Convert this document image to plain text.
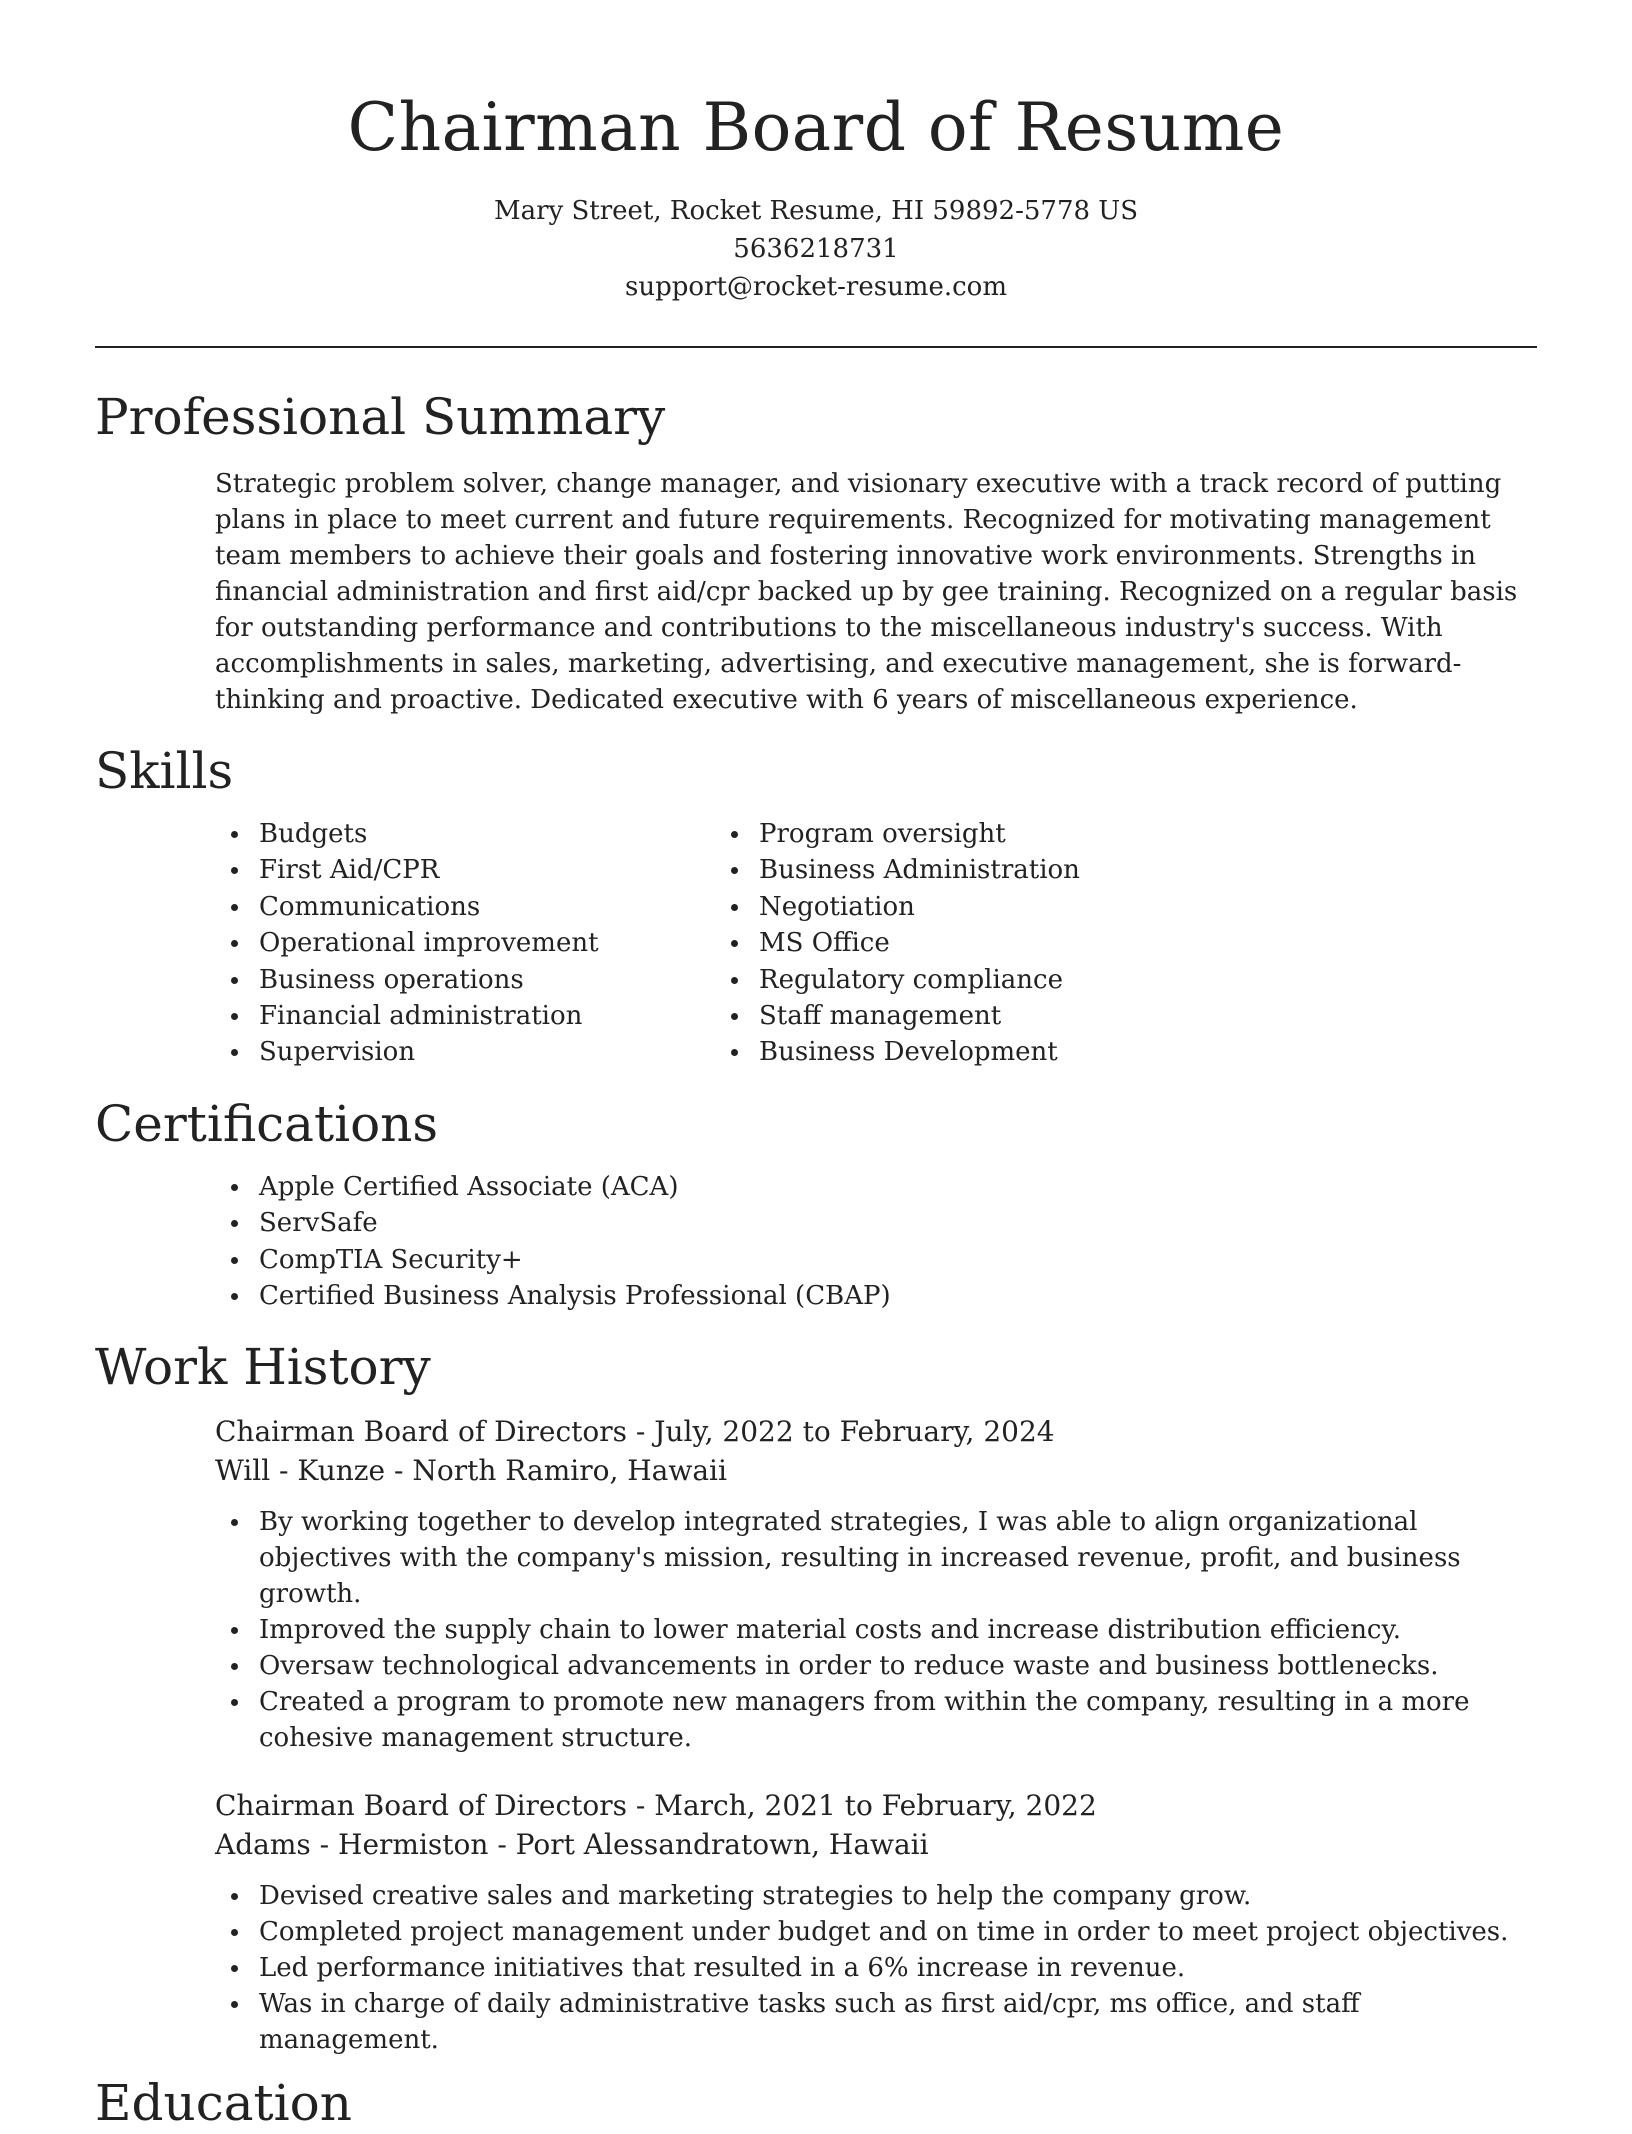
Chairman Board of Resume
Mary Street, Rocket Resume, HI 59892-5778 US
5636218731
support@rocket-resume.com
Professional Summary
Strategic problem solver, change manager, and visionary executive with a track record of putting plans in place to meet current and future requirements. Recognized for motivating management team members to achieve their goals and fostering innovative work environments. Strengths in financial administration and first aid/cpr backed up by gee training. Recognized on a regular basis for outstanding performance and contributions to the miscellaneous industry's success. With accomplishments in sales, marketing, advertising, and executive management, she is forward-thinking and proactive. Dedicated executive with 6 years of miscellaneous experience.
Skills
Budgets
First Aid/CPR
Communications
Operational improvement
Business operations
Financial administration
Supervision
Program oversight
Business Administration
Negotiation
MS Office
Regulatory compliance
Staff management
Business Development
Certifications
Apple Certified Associate (ACA)
ServSafe
CompTIA Security+
Certified Business Analysis Professional (CBAP)
Work History
Chairman Board of Directors - July, 2022 to February, 2024
Will - Kunze - North Ramiro, Hawaii
By working together to develop integrated strategies, I was able to align organizational objectives with the company's mission, resulting in increased revenue, profit, and business growth.
Improved the supply chain to lower material costs and increase distribution efficiency.
Oversaw technological advancements in order to reduce waste and business bottlenecks.
Created a program to promote new managers from within the company, resulting in a more cohesive management structure.
Chairman Board of Directors - March, 2021 to February, 2022
Adams - Hermiston - Port Alessandratown, Hawaii
Devised creative sales and marketing strategies to help the company grow.
Completed project management under budget and on time in order to meet project objectives.
Led performance initiatives that resulted in a 6% increase in revenue.
Was in charge of daily administrative tasks such as first aid/cpr, ms office, and staff management.
Education
